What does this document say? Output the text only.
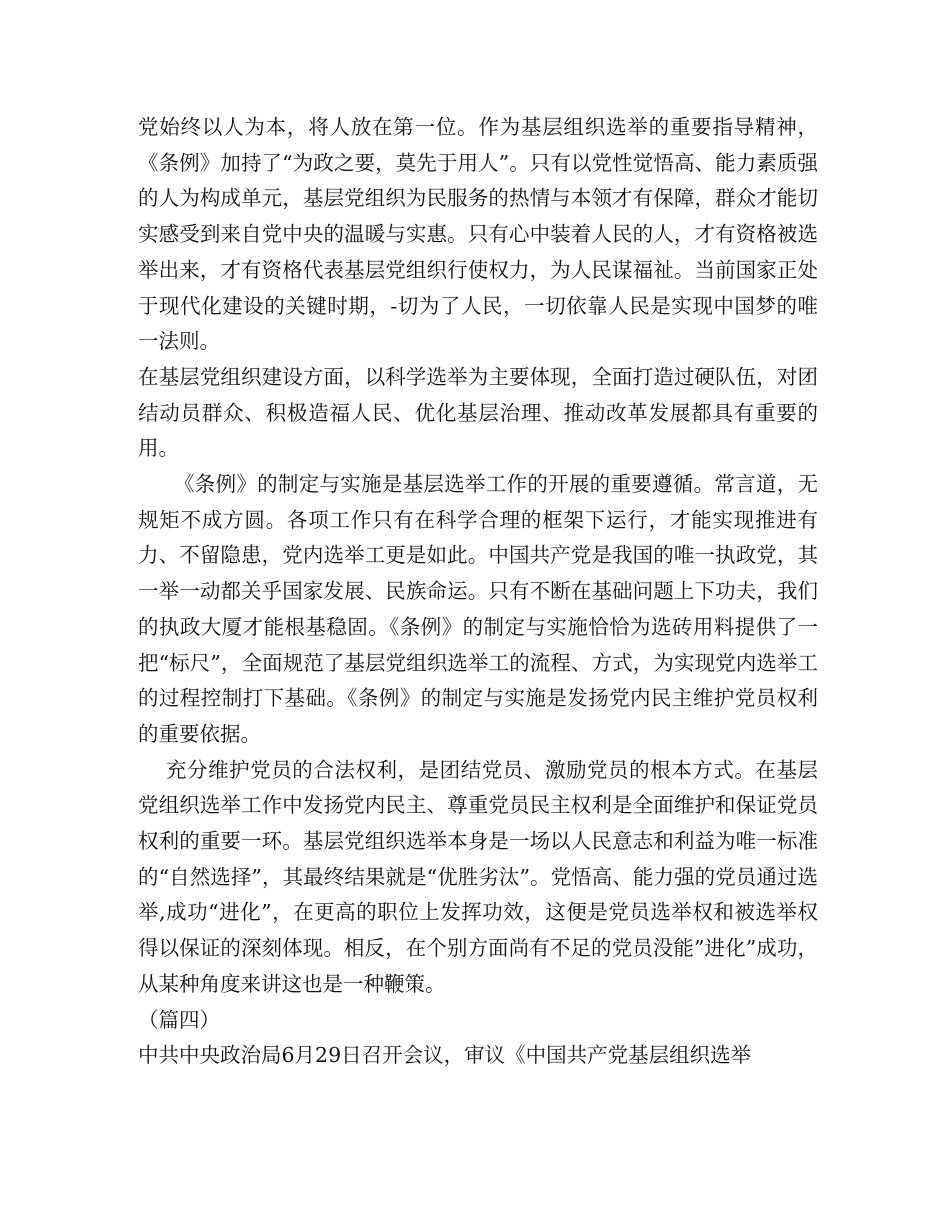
党始终以人为本，将人放在第一位。作为基层组织选举的重要指导精神，《条例》加持了“为政之要，莫先于用人”。只有以党性觉悟高、能力素质强的人为构成单元，基层党组织为民服务的热情与本领才有保障，群众才能切实感受到来自党中央的温暖与实惠。只有心中装着人民的人，才有资格被选举出来，才有资格代表基层党组织行使权力，为人民谋福祉。当前国家正处于现代化建设的关键时期，-切为了人民，一切依靠人民是实现中国梦的唯一法则。

在基层党组织建设方面，以科学选举为主要体现，全面打造过硬队伍，对团结动员群众、积极造福人民、优化基层治理、推动改革发展都具有重要的用。

《条例》的制定与实施是基层选举工作的开展的重要遵循。常言道，无规矩不成方圆。各项工作只有在科学合理的框架下运行，才能实现推进有力、不留隐患，党内选举工更是如此。中国共产党是我国的唯一执政党，其一举一动都关乎国家发展、民族命运。只有不断在基础问题上下功夫，我们的执政大厦才能根基稳固。《条例》的制定与实施恰恰为选砖用料提供了一把“标尺”，全面规范了基层党组织选举工的流程、方式，为实现党内选举工的过程控制打下基础。《条例》的制定与实施是发扬党内民主维护党员权利的重要依据。

充分维护党员的合法权利，是团结党员、激励党员的根本方式。在基层党组织选举工作中发扬党内民主、尊重党员民主权利是全面维护和保证党员权利的重要一环。基层党组织选举本身是一场以人民意志和利益为唯一标准的“自然选择”，其最终结果就是“优胜劣汰”。党悟高、能力强的党员通过选举,成功“进化”，在更高的职位上发挥功效，这便是党员选举权和被选举权得以保证的深刻体现。相反，在个别方面尚有不足的党员没能”进化”成功，从某种角度来讲这也是一种鞭策。

（篇四）

中共中央政治局6月29日召开会议，审议《中国共产党基层组织选举
